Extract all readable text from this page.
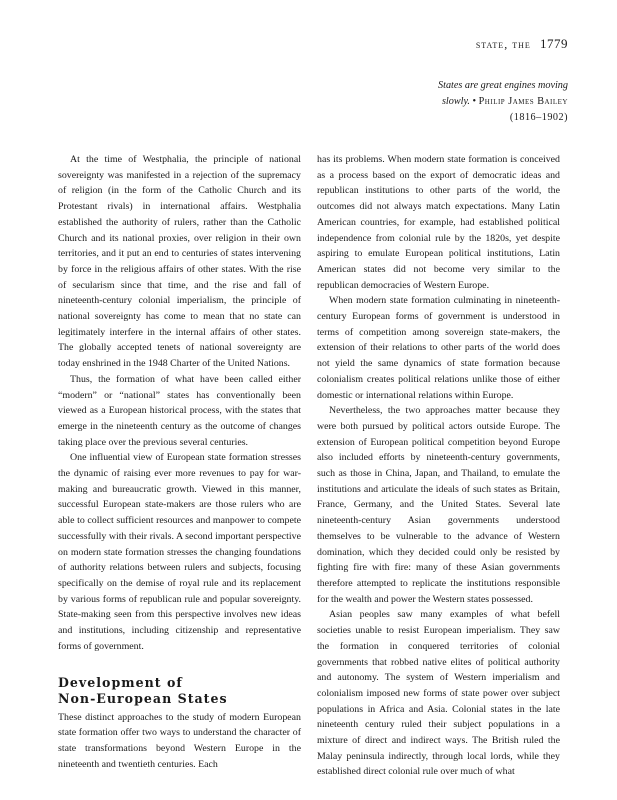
state, the 1779
States are great engines moving
slowly. • Philip James Bailey
(1816–1902)

At the time of Westphalia, the principle of national sovereignty was manifested in a rejection of the supremacy of religion (in the form of the Catholic Church and its Protestant rivals) in international affairs. Westphalia established the authority of rulers, rather than the Catholic Church and its national proxies, over religion in their own territories, and it put an end to centuries of states intervening by force in the religious affairs of other states. With the rise of secularism since that time, and the rise and fall of nineteenth-century colonial imperialism, the principle of national sovereignty has come to mean that no state can legitimately interfere in the internal affairs of other states. The globally accepted tenets of national sovereignty are today enshrined in the 1948 Charter of the United Nations.

Thus, the formation of what have been called either “modern” or “national” states has conventionally been viewed as a European historical process, with the states that emerge in the nineteenth century as the outcome of changes taking place over the previous several centuries.

One influential view of European state formation stresses the dynamic of raising ever more revenues to pay for war-making and bureaucratic growth. Viewed in this manner, successful European state-makers are those rulers who are able to collect sufficient resources and manpower to compete successfully with their rivals. A second important perspective on modern state formation stresses the changing foundations of authority relations between rulers and subjects, focusing specifically on the demise of royal rule and its replacement by various forms of republican rule and popular sovereignty. State-making seen from this perspective involves new ideas and institutions, including citizenship and representative forms of government.

Development of
Non-European States

These distinct approaches to the study of modern European state formation offer two ways to understand the character of state transformations beyond Western Europe in the nineteenth and twentieth centuries. Each

has its problems. When modern state formation is conceived as a process based on the export of democratic ideas and republican institutions to other parts of the world, the outcomes did not always match expectations. Many Latin American countries, for example, had established political independence from colonial rule by the 1820s, yet despite aspiring to emulate European political institutions, Latin American states did not become very similar to the republican democracies of Western Europe.

When modern state formation culminating in nineteenth-century European forms of government is understood in terms of competition among sovereign state-makers, the extension of their relations to other parts of the world does not yield the same dynamics of state formation because colonialism creates political relations unlike those of either domestic or international relations within Europe.

Nevertheless, the two approaches matter because they were both pursued by political actors outside Europe. The extension of European political competition beyond Europe also included efforts by nineteenth-century governments, such as those in China, Japan, and Thailand, to emulate the institutions and articulate the ideals of such states as Britain, France, Germany, and the United States. Several late nineteenth-century Asian governments understood themselves to be vulnerable to the advance of Western domination, which they decided could only be resisted by fighting fire with fire: many of these Asian governments therefore attempted to replicate the institutions responsible for the wealth and power the Western states possessed.

Asian peoples saw many examples of what befell societies unable to resist European imperialism. They saw the formation in conquered territories of colonial governments that robbed native elites of political authority and autonomy. The system of Western imperialism and colonialism imposed new forms of state power over subject populations in Africa and Asia. Colonial states in the late nineteenth century ruled their subject populations in a mixture of direct and indirect ways. The British ruled the Malay peninsula indirectly, through local lords, while they established direct colonial rule over much of what
